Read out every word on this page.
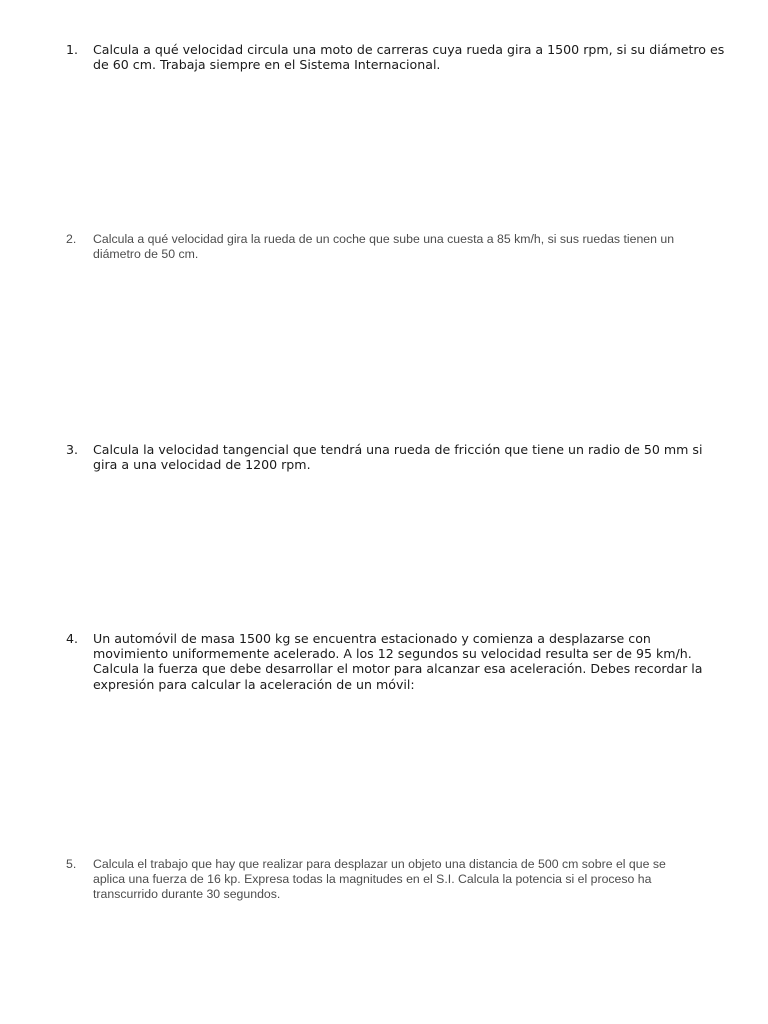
1.	Calcula a qué velocidad circula una moto de carreras cuya rueda gira a 1500 rpm, si su diámetro es de 60 cm. Trabaja siempre en el Sistema Internacional.
2.	Calcula a qué velocidad gira la rueda de un coche que sube una cuesta a 85 km/h, si sus ruedas tienen un diámetro de 50 cm.
3.	Calcula la velocidad tangencial que tendrá una rueda de fricción que tiene un radio de 50 mm si gira a una velocidad de 1200 rpm.
4.	Un automóvil de masa 1500 kg se encuentra estacionado y comienza a desplazarse con movimiento uniformemente acelerado. A los 12 segundos su velocidad resulta ser de 95 km/h. Calcula la fuerza que debe desarrollar el motor para alcanzar esa aceleración. Debes recordar la expresión para calcular la aceleración de un móvil:
5.	Calcula el trabajo que hay que realizar para desplazar un objeto una distancia de 500 cm sobre el que se aplica una fuerza de 16 kp. Expresa todas la magnitudes en el S.I. Calcula la potencia si el proceso ha transcurrido durante 30 segundos.
